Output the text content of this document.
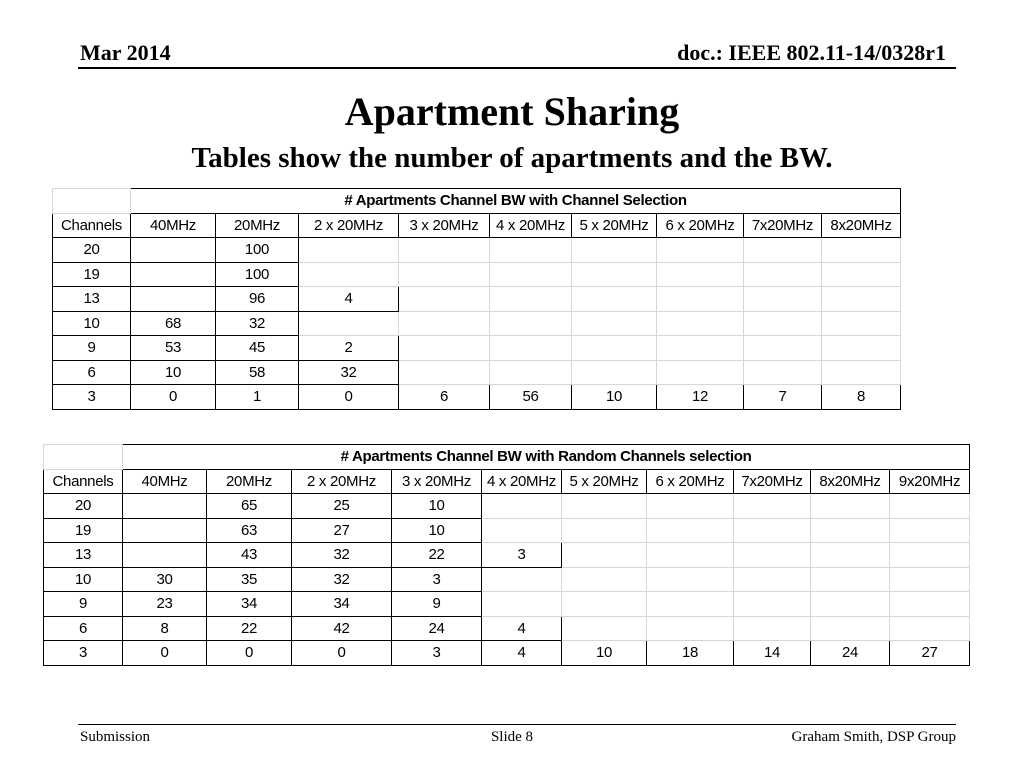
Mar 2014	doc.: IEEE 802.11-14/0328r1
Apartment Sharing
Tables show the number of apartments and the BW.
	# Apartments Channel BW with Channel Selection								
Channels	40MHz	20MHz	2 x 20MHz	3 x 20MHz	4 x 20MHz	5 x 20MHz	6 x 20MHz	7x20MHz	8x20MHz
20		100							
19		100							
13		96	4						
10	68	32							
9	53	45	2						
6	10	58	32						
3	0	1	0	6	56	10	12	7	8
	# Apartments Channel BW with Random Channels selection									
Channels	40MHz	20MHz	2 x 20MHz	3 x 20MHz	4 x 20MHz	5 x 20MHz	6 x 20MHz	7x20MHz	8x20MHz	9x20MHz
20		65	25	10						
19		63	27	10						
13		43	32	22	3					
10	30	35	32	3						
9	23	34	34	9						
6	8	22	42	24	4					
3	0	0	0	3	4	10	18	14	24	27
Submission	Slide 8	Graham Smith, DSP Group
